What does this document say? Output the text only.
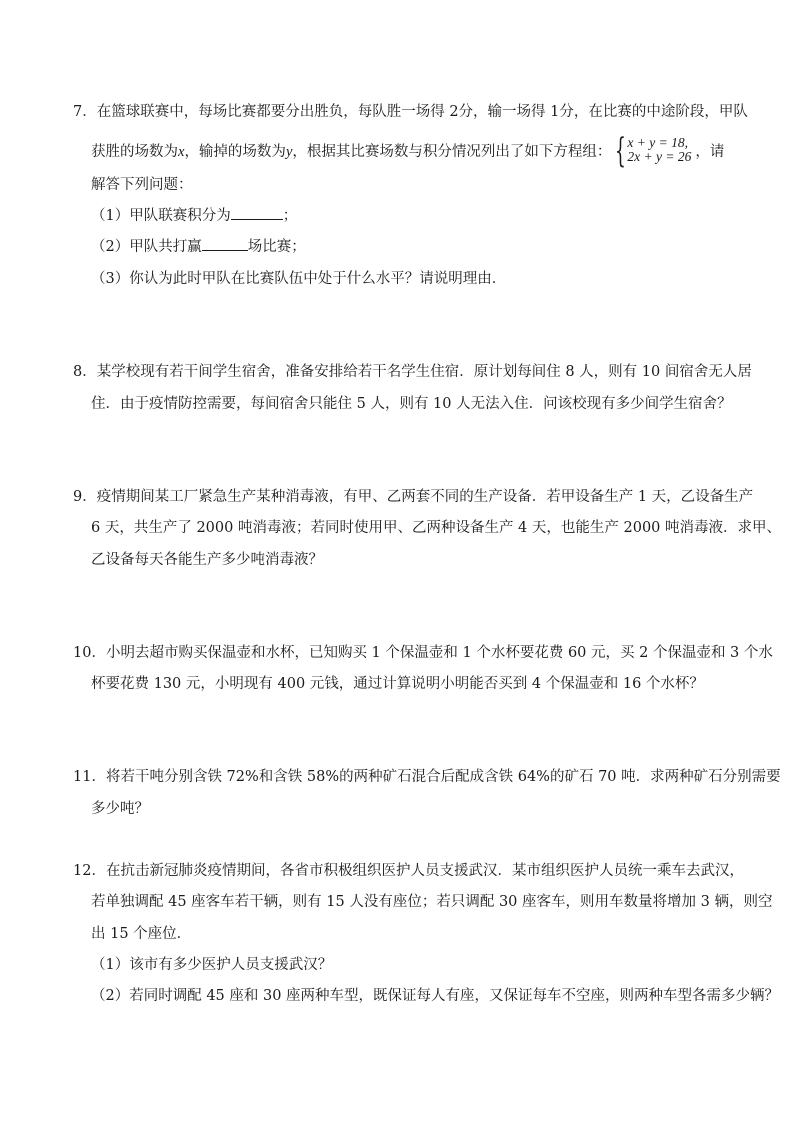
7．在篮球联赛中，每场比赛都要分出胜负，每队胜一场得 2分，输一场得 1分，在比赛的中途阶段，甲队
获胜的场数为x，输掉的场数为y，根据其比赛场数与积分情况列出了如下方程组： { x + y = 18,
2x + y = 26 ，请
解答下列问题：
（1）甲队联赛积分为	；
（2）甲队共打赢	场比赛；
（3）你认为此时甲队在比赛队伍中处于什么水平？请说明理由．
8．某学校现有若干间学生宿舍，准备安排给若干名学生住宿．原计划每间住 8 人，则有 10 间宿舍无人居
住．由于疫情防控需要，每间宿舍只能住 5 人，则有 10 人无法入住．问该校现有多少间学生宿舍？
9．疫情期间某工厂紧急生产某种消毒液，有甲、乙两套不同的生产设备．若甲设备生产 1 天，乙设备生产
6 天，共生产了 2000 吨消毒液；若同时使用甲、乙两种设备生产 4 天，也能生产 2000 吨消毒液．求甲、
乙设备每天各能生产多少吨消毒液？
10．小明去超市购买保温壶和水杯，已知购买 1 个保温壶和 1 个水杯要花费 60 元，买 2 个保温壶和 3 个水
杯要花费 130 元，小明现有 400 元钱，通过计算说明小明能否买到 4 个保温壶和 16 个水杯？
11．将若干吨分别含铁 72%和含铁 58%的两种矿石混合后配成含铁 64%的矿石 70 吨．求两种矿石分别需要
多少吨？
12．在抗击新冠肺炎疫情期间，各省市积极组织医护人员支援武汉．某市组织医护人员统一乘车去武汉，
若单独调配 45 座客车若干辆，则有 15 人没有座位；若只调配 30 座客车，则用车数量将增加 3 辆，则空
出 15 个座位．
（1）该市有多少医护人员支援武汉？
（2）若同时调配 45 座和 30 座两种车型，既保证每人有座，又保证每车不空座，则两种车型各需多少辆？
